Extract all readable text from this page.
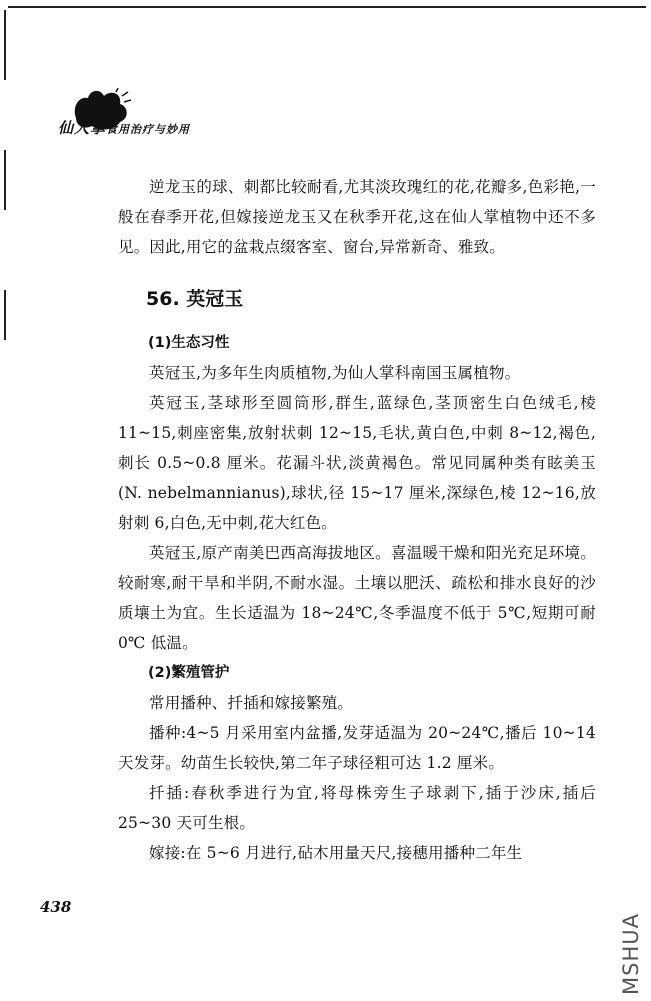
仙人掌食用治疗与妙用

逆龙玉的球、刺都比较耐看,尤其淡玫瑰红的花,花瓣多,色彩艳,一般在春季开花,但嫁接逆龙玉又在秋季开花,这在仙人掌植物中还不多见。因此,用它的盆栽点缀客室、窗台,异常新奇、雅致。

56. 英冠玉
(1)生态习性

英冠玉,为多年生肉质植物,为仙人掌科南国玉属植物。

英冠玉,茎球形至圆筒形,群生,蓝绿色,茎顶密生白色绒毛,棱 11~15,刺座密集,放射状刺 12~15,毛状,黄白色,中刺 8~12,褐色,刺长 0.5~0.8 厘米。花漏斗状,淡黄褐色。常见同属种类有眩美玉(N. nebelmannianus),球状,径 15~17 厘米,深绿色,棱 12~16,放射刺 6,白色,无中刺,花大红色。

英冠玉,原产南美巴西高海拔地区。喜温暖干燥和阳光充足环境。较耐寒,耐干旱和半阴,不耐水湿。土壤以肥沃、疏松和排水良好的沙质壤土为宜。生长适温为 18~24℃,冬季温度不低于 5℃,短期可耐 0℃ 低温。

(2)繁殖管护

常用播种、扦插和嫁接繁殖。

播种:4~5 月采用室内盆播,发芽适温为 20~24℃,播后 10~14 天发芽。幼苗生长较快,第二年子球径粗可达 1.2 厘米。

扦插:春秋季进行为宜,将母株旁生子球剥下,插于沙床,插后 25~30 天可生根。

嫁接:在 5~6 月进行,砧木用量天尺,接穗用播种二年生

438
MSHUA
